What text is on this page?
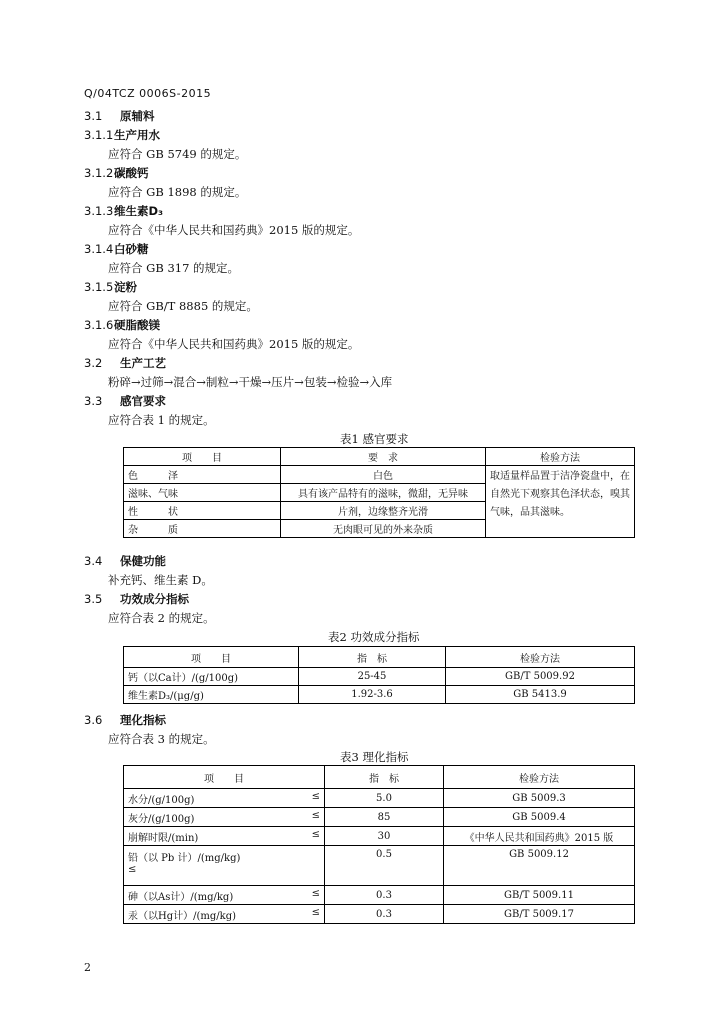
Q/04TCZ 0006S-2015
3.1 原辅料
3.1.1生产用水
应符合 GB 5749 的规定。
3.1.2碳酸钙
应符合 GB 1898 的规定。
3.1.3维生素D₃
应符合《中华人民共和国药典》2015 版的规定。
3.1.4白砂糖
应符合 GB 317 的规定。
3.1.5淀粉
应符合 GB/T 8885 的规定。
3.1.6硬脂酸镁
应符合《中华人民共和国药典》2015 版的规定。
3.2 生产工艺
粉碎→过筛→混合→制粒→干燥→压片→包装→检验→入库
3.3 感官要求
应符合表 1 的规定。
表1 感官要求
项　　目	要　求	检验方法
色　　　泽	白色	取适量样品置于洁净瓷盘中，在自然光下观察其色泽状态，嗅其气味，品其滋味。
滋味、气味	具有该产品特有的滋味，微甜，无异味	
性　　　状	片剂，边缘整齐光滑	
杂　　　质	无肉眼可见的外来杂质	
3.4 保健功能
补充钙、维生素 D。
3.5 功效成分指标
应符合表 2 的规定。
表2 功效成分指标
项　　目	指　标	检验方法
钙（以Ca计）/(g/100g)	25-45	GB/T 5009.92
维生素D₃/(μg/g)	1.92-3.6	GB 5413.9
3.6 理化指标
应符合表 3 的规定。
表3 理化指标
项　　目	指　标	检验方法
水分/(g/100g) ≤	5.0	GB 5009.3
灰分/(g/100g) ≤	85	GB 5009.4
崩解时限/(min) ≤	30	《中华人民共和国药典》2015 版
铅（以 Pb 计）/(mg/kg)
≤	0.5	GB 5009.12
砷（以As计）/(mg/kg) ≤	0.3	GB/T 5009.11
汞（以Hg计）/(mg/kg) ≤	0.3	GB/T 5009.17
2
